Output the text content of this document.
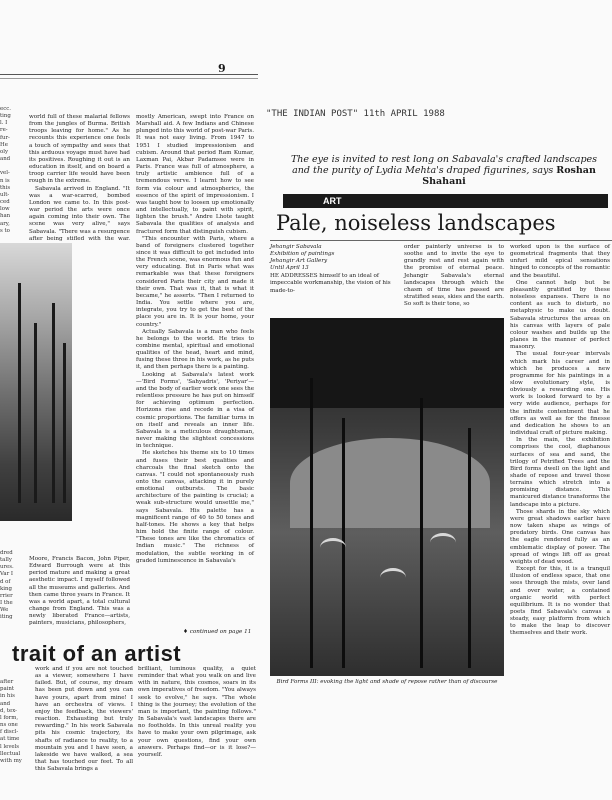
9
ecc.
ting
l. I
re-
fur-
He
oly
and

vel-
n is
this
ult-
ced
low
han
ary,
s to
dred
tally
ures.
Var I
d of
king
rrier
I the
We
iting

world full of these malarial fellows from the jungles of Burma. British troops leaving for home." As he recounts this experience one feels a touch of sympathy and sees that this arduous voyage must have had its positives. Roughing it out is an education in itself, and on board a troop carrier life would have been rough in the extreme.

Sabavala arrived in England. "It was a war-scarred, bombed London we came to. In this post-war period the arts were once again coming into their own. The scene was very alive," says Sabavala. "There was a resurgence after being stifled with the war.

Moore, Francis Bacon, John Piper, Edward Burrough were at this period mature and making a great aesthetic impact. I myself followed all the museums and galleries. And then came three years in France. It was a world apart, a total cultural change from England. This was a newly liberated France—artists, painters, musicians, philosophers,

mostly American, swept into France on Marshall aid. A few Indians and Chinese plunged into this world of post-war Paris. It was not easy living. From 1947 to 1951 I studied impressionism and cubism. Around that period Ram Kumar, Laxman Pai, Akbar Padamsee were in Paris. France was full of atmosphere, a truly artistic ambience full of a tremendous verve. I learnt how to see form via colour and atmospherics, the essence of the spirit of impressionism. I was taught how to loosen up emotionally and intellectually, to paint with spirit, lighten the brush." Andre Lhote taught Sabavala the qualities of analysis and fractured form that distinguish cubism.

"This encounter with Paris, where a band of foreigners clustered together since it was difficult to get included into the French scene, was enormous fun and very educating. But in Paris what was remarkable was that these foreigners considered Paris their city and made it their own. That was it, that is what it became," he asserts. "Then I returned to India. You settle where you are, integrate, you try to get the best of the place you are in. It is your home, your country."

Actually Sabavala is a man who feels he belongs to the world. He tries to combine mental, spiritual and emotional qualities of the head, heart and mind, fusing these three in his work, as he puts it, and then perhaps there is a painting.

Looking at Sabavala's latest work—'Bird Forms', 'Sahyadris', 'Periyar'—and the body of earlier work one sees the relentless pressure he has put on himself for achieving optimum perfection. Horizons rise and recede in a visa of cosmic proportions. The familiar turns in on itself and reveals an inner life. Sabavala is a meticulous draughtsman, never making the slightest concessions in technique.

He sketches his theme six to 10 times and fuses their best qualities and charcoals the final sketch onto the canvas. "I could not spontaneously rush onto the canvas, attacking it in purely emotional outbursts. The basic architecture of the painting is crucial; a weak sub-structure would unsettle me," says Sabavala. His palette has a magnificent range of 40 to 50 tones and half-tones. He shows a key that helps him hold the finite range of colour. "These tones are like the chromatics of Indian music." The richness of modulation, the subtle working in of graded luminescence in Sabavala's

♦ continued on page 11
trait of an artist

after
paint
in his
and
d, tex-
l form,
ns one
f discl-
at time
l levels
llectual
with my
work and if you are not touched as a viewer, somewhere I have failed. But, of course, my dream has been put down and you can have yours, apart from mine! I have an orchestra of views. I enjoy the feedback, the viewers' reaction. Exhausting but truly rewarding." In his work Sabavala pits his cosmic trajectory, its shafts of radiance to reality, to a mountain you and I have seen, a lakeside we have walked, a sea that has touched our feet. To all this Sabavala brings a
brilliant, luminous quality, a quiet reminder that what you walk on and live with in nature, this cosmos, soars in its own imperatives of freedom. "You always seek to evolve," he says. "The whole thing is the journey; the evolution of the man is important, the painting follows." In Sabavala's vast landscapes there are no footholds. In this unreal reality you have to make your own pilgrimage, ask your own questions, find your own answers. Perhaps find—or is it lose?—yourself.
"THE INDIAN POST" 11th APRIL 1988
The eye is invited to rest long on Sabavala's crafted landscapes and the purity of Lydia Mehta's draped figurines, says Roshan Shahani
ART
Pale, noiseless landscapes
Jehangir Sabavala
Exhibition of paintings
Jehangir Art Gallery
Until April 13
HE ADDRESSES himself to an ideal of impeccable workmanship, the vision of his made-to-
order painterly universe is to soothe and to invite the eye to grandly rest and rest again with the promise of eternal peace. Jehangir Sabavala's eternal landscapes through which the chasm of time has passed are stratified seas, skies and the earth. So soft is their tone, so

worked upon is the surface of geometrical fragments that they unfurl mild epical sensations hinged to concepts of the romantic and the beautiful.

One cannot help but be pleasantly gratified by these noiseless expanses. There is no content as such to disturb, no metaphysic to make us doubt. Sabavala structures the areas on his canvas with layers of pale colour washes and builds up the planes in the manner of perfect masonry.

The usual four-year intervals which mark his career and in which he produces a new programme for his paintings in a slow evolutionary style, is obviously a rewarding one. His work is looked forward to by a very wide audience, perhaps for the infinite contentment that he offers as well as for the finesse and dedication he shows to an individual craft of picture making.

In the main, the exhibition comprises the cool, diaphanous surfaces of sea and sand, the trilogy of Petrified Trees and the Bird forms dwell on the light and shade of repose and travel those terrains which stretch into a promising distance. This manicured distance transforms the landscape into a picture.

Those shards in the sky which were great shadows earlier have now taken shape as wings of predatory birds. One canvas has the eagle rendered fully as an emblematic display of power. The spread of wings lift off as great weights of dead wood.

Except for this, it is a tranquil illusion of endless space, that one sees through the mists, over land and over water, a contained organic world with perfect equilibrium. It is no wonder that poets find Sabavala's canvas a steady, easy platform from which to make the leap to discover themselves and their work.

Bird Forms III: evoking the light and shade of repose rather than of discourse
